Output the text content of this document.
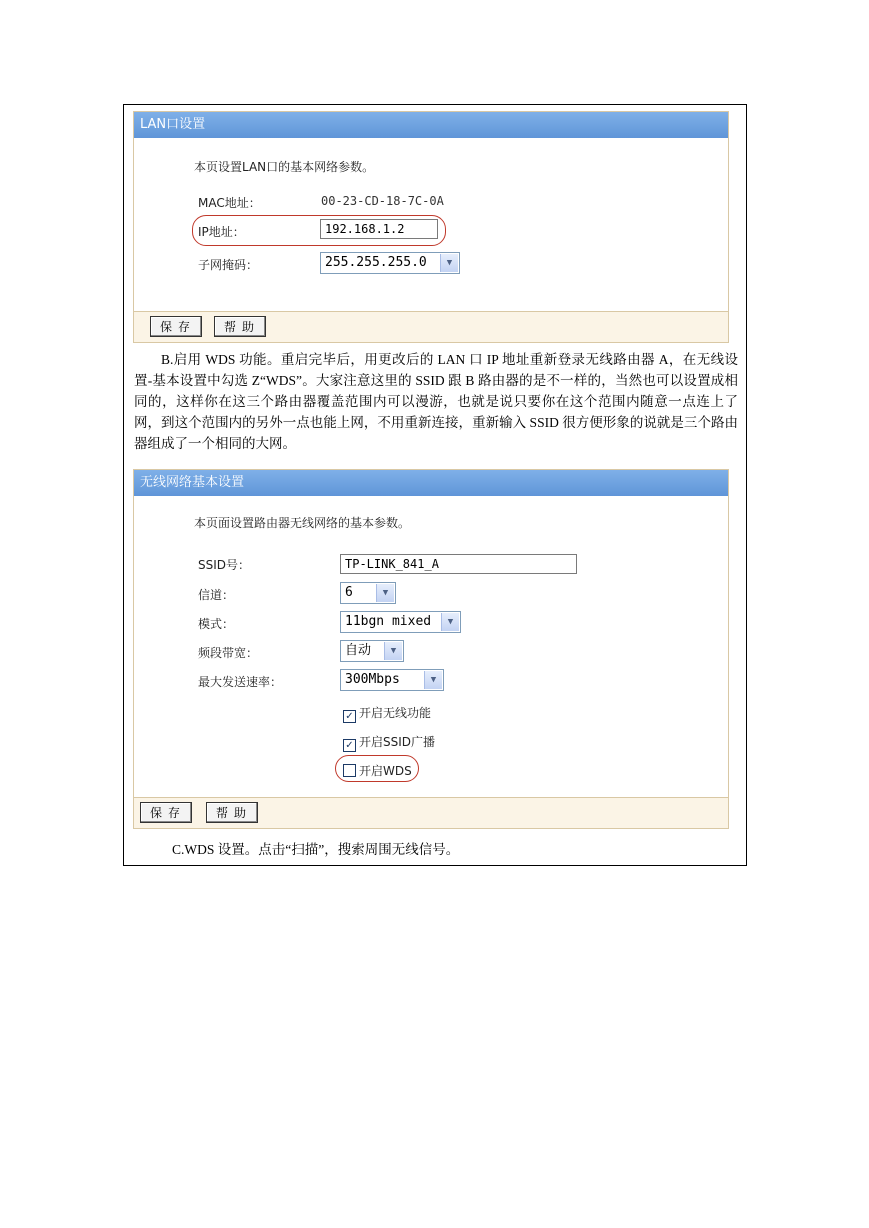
LAN口设置
本页设置LAN口的基本网络参数。
MAC地址：	00-23-CD-18-7C-0A
IP地址：
192.168.1.2
子网掩码：	255.255.255.0	▼
保存	帮助
B.启用 WDS 功能。重启完毕后，用更改后的 LAN 口 IP 地址重新登录无线路由器 A，在无线设置-基本设置中勾选 Z“WDS”。大家注意这里的 SSID 跟 B 路由器的是不一样的，当然也可以设置成相同的，这样你在这三个路由器覆盖范围内可以漫游，也就是说只要你在这个范围内随意一点连上了网，到这个范围内的另外一点也能上网，不用重新连接，重新输入 SSID 很方便形象的说就是三个路由器组成了一个相同的大网。
无线网络基本设置
本页面设置路由器无线网络的基本参数。
SSID号：
TP-LINK_841_A
信道：	6	▼
模式：	11bgn mixed	▼
频段带宽：	自动	▼
最大发送速率：	300Mbps	▼
✓ 开启无线功能
✓ 开启SSID广播
开启WDS
保存	帮助
C.WDS 设置。点击“扫描”，搜索周围无线信号。
